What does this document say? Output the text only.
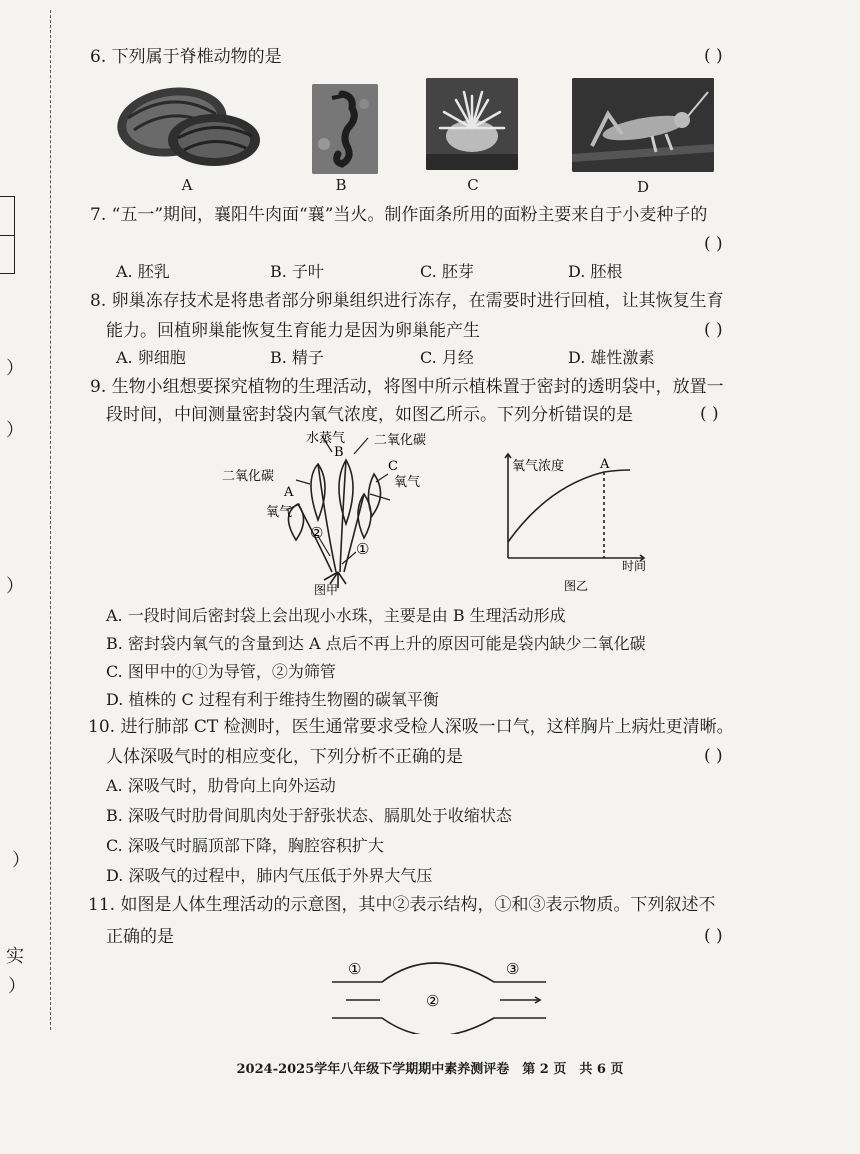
）
）
）
）
实
）
6. 下列属于脊椎动物的是	( )
A	B	C	D
7. “五一”期间，襄阳牛肉面“襄”当火。制作面条所用的面粉主要来自于小麦种子的
( )
A. 胚乳	B. 子叶	C. 胚芽	D. 胚根
8. 卵巢冻存技术是将患者部分卵巢组织进行冻存，在需要时进行回植，让其恢复生育
能力。回植卵巢能恢复生育能力是因为卵巢能产生	( )
A. 卵细胞	B. 精子	C. 月经	D. 雄性激素
9. 生物小组想要探究植物的生理活动，将图中所示植株置于密封的透明袋中，放置一
段时间，中间测量密封袋内氧气浓度，如图乙所示。下列分析错误的是	( )
水蒸气 二氧化碳
二氧化碳
B
A
C
氧气
氧气
②
①
图甲
氧气浓度	A
时间
图乙
A. 一段时间后密封袋上会出现小水珠，主要是由 B 生理活动形成
B. 密封袋内氧气的含量到达 A 点后不再上升的原因可能是袋内缺少二氧化碳
C. 图甲中的①为导管，②为筛管
D. 植株的 C 过程有利于维持生物圈的碳氧平衡
10. 进行肺部 CT 检测时，医生通常要求受检人深吸一口气，这样胸片上病灶更清晰。
人体深吸气时的相应变化，下列分析不正确的是	( )
A. 深吸气时，肋骨向上向外运动
B. 深吸气时肋骨间肌肉处于舒张状态、膈肌处于收缩状态
C. 深吸气时膈顶部下降，胸腔容积扩大
D. 深吸气的过程中，肺内气压低于外界大气压
11. 如图是人体生理活动的示意图，其中②表示结构，①和③表示物质。下列叙述不
正确的是	( )
①
②
③
2024-2025学年八年级下学期期中素养测评卷　第 2 页　共 6 页
